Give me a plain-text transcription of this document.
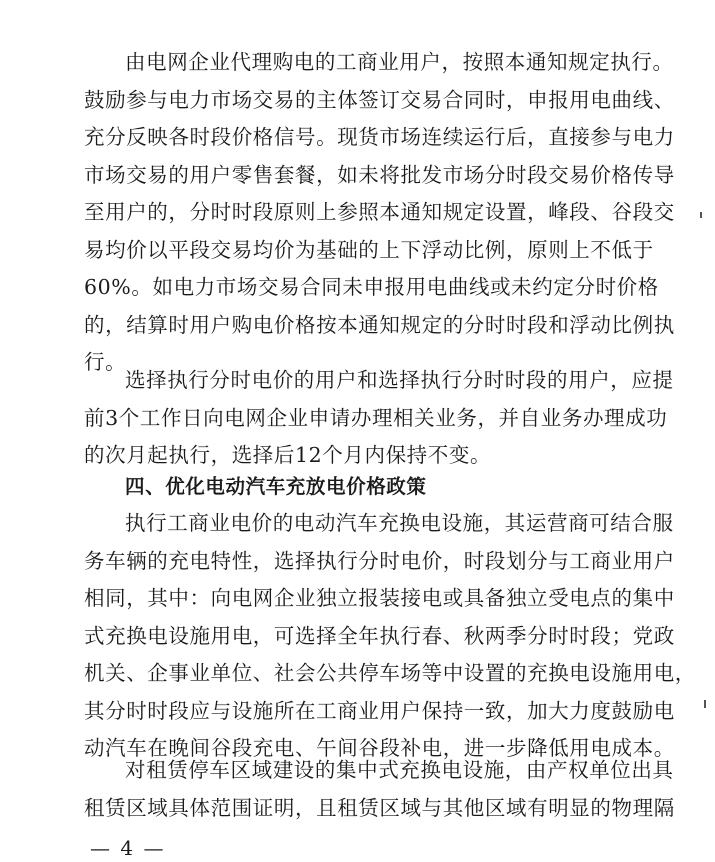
由电网企业代理购电的工商业用户，按照本通知规定执行。
鼓励参与电力市场交易的主体签订交易合同时，申报用电曲线、
充分反映各时段价格信号。现货市场连续运行后，直接参与电力
市场交易的用户零售套餐，如未将批发市场分时段交易价格传导
至用户的，分时时段原则上参照本通知规定设置，峰段、谷段交
易均价以平段交易均价为基础的上下浮动比例，原则上不低于
60%。如电力市场交易合同未申报用电曲线或未约定分时价格
的，结算时用户购电价格按本通知规定的分时时段和浮动比例执
行。
选择执行分时电价的用户和选择执行分时时段的用户，应提
前3个工作日向电网企业申请办理相关业务，并自业务办理成功
的次月起执行，选择后12个月内保持不变。

四、优化电动汽车充放电价格政策

执行工商业电价的电动汽车充换电设施，其运营商可结合服
务车辆的充电特性，选择执行分时电价，时段划分与工商业用户
相同，其中：向电网企业独立报装接电或具备独立受电点的集中
式充换电设施用电，可选择全年执行春、秋两季分时时段；党政
机关、企事业单位、社会公共停车场等中设置的充换电设施用电，
其分时时段应与设施所在工商业用户保持一致，加大力度鼓励电
动汽车在晚间谷段充电、午间谷段补电，进一步降低用电成本。
对租赁停车区域建设的集中式充换电设施，由产权单位出具
租赁区域具体范围证明，且租赁区域与其他区域有明显的物理隔
— 4 —
